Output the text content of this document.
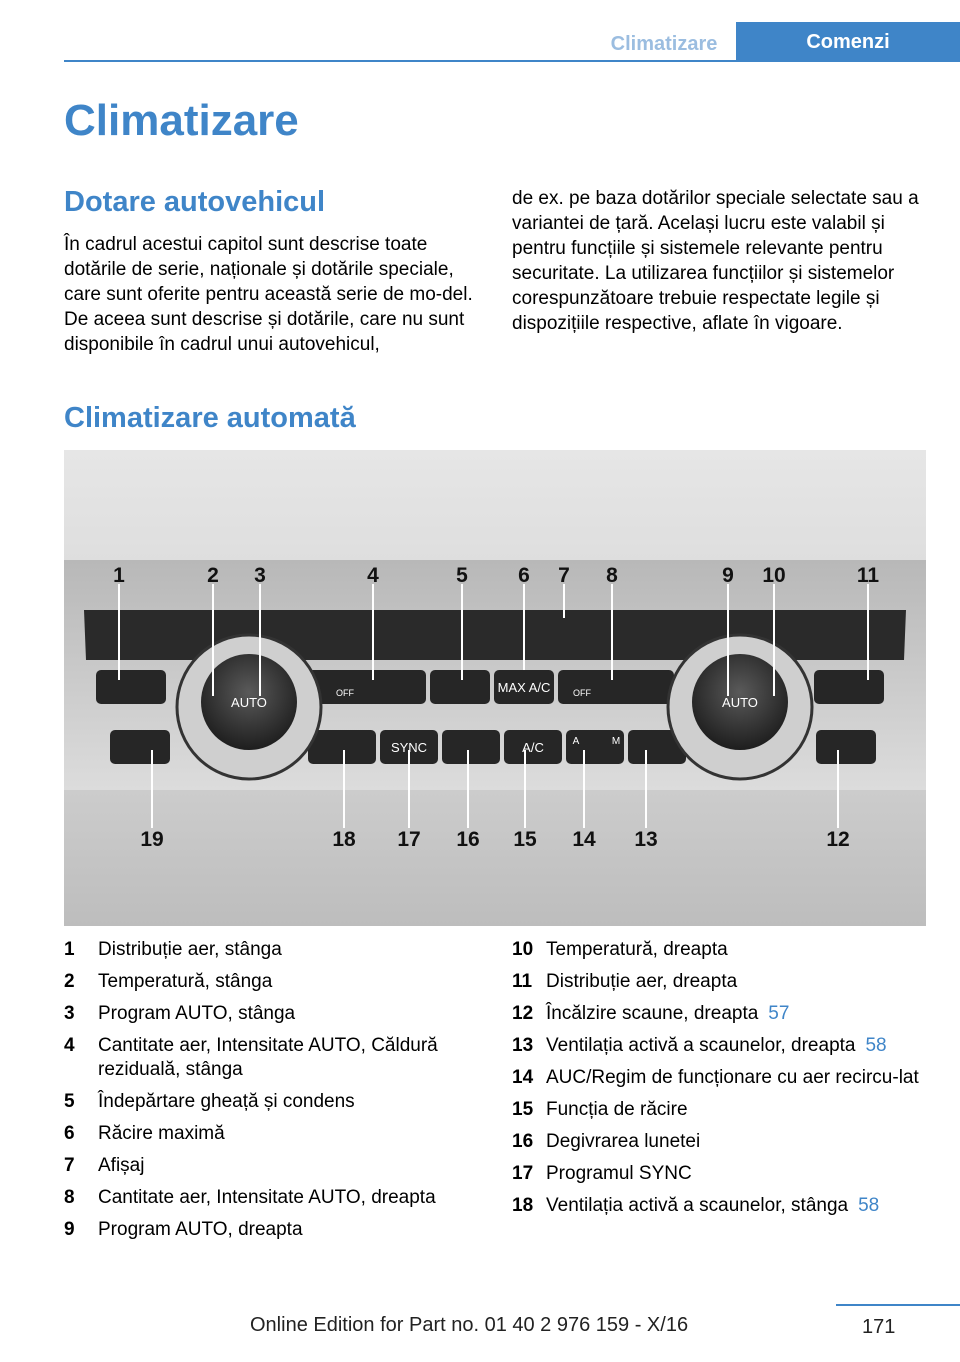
Climatizare	Comenzi
Climatizare
Dotare autovehicul
În cadrul acestui capitol sunt descrise toate dotările de serie, naționale și dotările speciale, care sunt oferite pentru această serie de mo-del. De aceea sunt descrise și dotările, care nu sunt disponibile în cadrul unui autovehicul,
de ex. pe baza dotărilor speciale selectate sau a variantei de țară. Același lucru este valabil și pentru funcțiile și sistemele relevante pentru securitate. La utilizarea funcțiilor și sistemelor corespunzătoare trebuie respectate legile și dispozițiile respective, aflate în vigoare.
Climatizare automată
AUTO	AUTO
MAX A/C
OFF	OFF
SYNC	A/C	A	M
1	2 3	4	5 6 7 8	9 10	11
19	18 17 16 15 14 13	12
1	Distribuție aer, stânga
2	Temperatură, stânga
3	Program AUTO, stânga
4	Cantitate aer, Intensitate AUTO, Căldură reziduală, stânga
5	Îndepărtare gheață și condens
6	Răcire maximă
7	Afișaj
8	Cantitate aer, Intensitate AUTO, dreapta
9	Program AUTO, dreapta
10 Temperatură, dreapta
11 Distribuție aer, dreapta
12 Încălzire scaune, dreapta 57
13 Ventilația activă a scaunelor, dreapta 58
14 AUC/Regim de funcționare cu aer recircu-lat
15 Funcția de răcire
16 Degivrarea lunetei
17 Programul SYNC
18 Ventilația activă a scaunelor, stânga 58
171
Online Edition for Part no. 01 40 2 976 159 - X/16
